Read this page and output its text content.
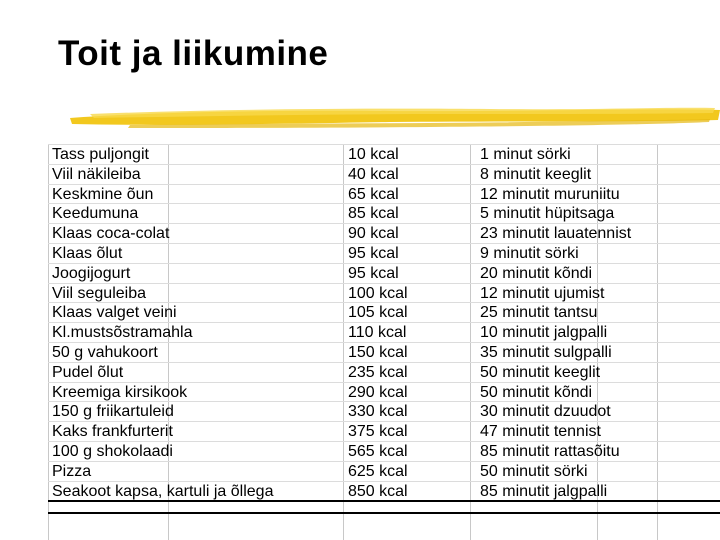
Toit ja liikumine
Tass puljongit	10 kcal	1 minut sörki
Viil näkileiba	40 kcal	8 minutit keeglit
Keskmine õun	65 kcal	12 minutit muruniitu
Keedumuna	85 kcal	5 minutit hüpitsaga
Klaas coca-colat	90 kcal	23 minutit lauatennist
Klaas õlut	95 kcal	9 minutit sörki
Joogijogurt	95 kcal	20 minutit kõndi
Viil seguleiba	100 kcal	12 minutit ujumist
Klaas valget veini	105 kcal	25 minutit tantsu
Kl.mustsõstramahla	110 kcal	10 minutit jalgpalli
50 g vahukoort	150 kcal	35 minutit sulgpalli
Pudel õlut	235 kcal	50 minutit keeglit
Kreemiga kirsikook	290 kcal	50 minutit kõndi
150 g friikartuleid	330 kcal	30 minutit dzuudot
Kaks frankfurterit	375 kcal	47 minutit tennist
100 g shokolaadi	565 kcal	85 minutit rattasõitu
Pizza	625 kcal	50 minutit sörki
Seakoot kapsa, kartuli ja õllega	850 kcal	85 minutit jalgpalli
